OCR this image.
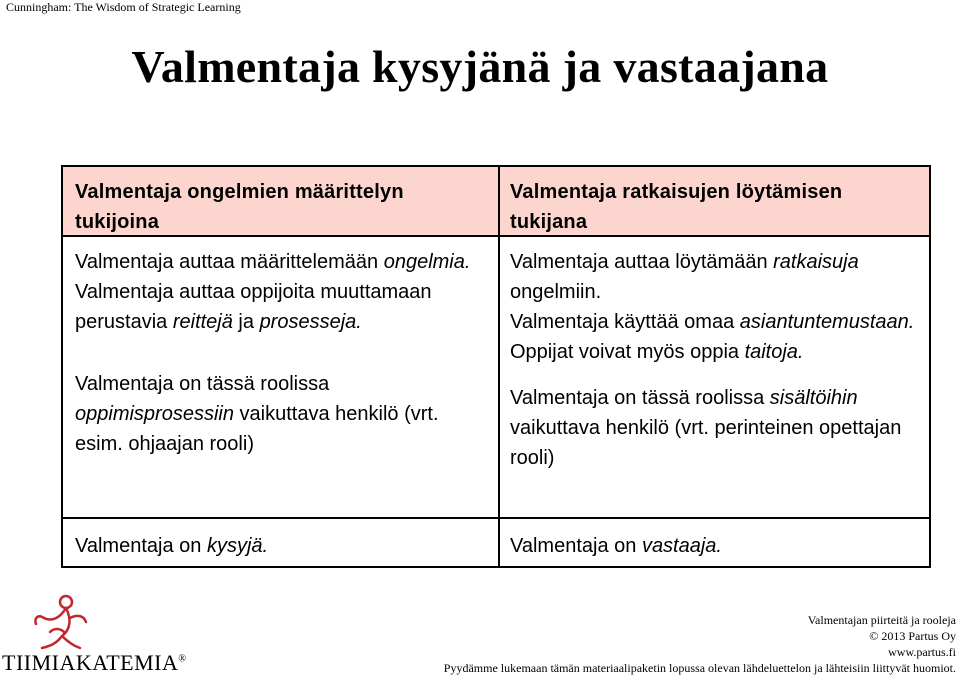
Cunningham: The Wisdom of Strategic Learning
Valmentaja kysyjänä ja vastaajana
Valmentaja ongelmien määrittelyn tukijoina

Valmentaja auttaa määrittelemään ongelmia.

Valmentaja auttaa oppijoita muuttamaan perustavia reittejä ja prosesseja.

Valmentaja on tässä roolissa oppimisprosessiin vaikuttava henkilö (vrt. esim. ohjaajan rooli)

Valmentaja on kysyjä.

Valmentaja ratkaisujen löytämisen tukijana

Valmentaja auttaa löytämään ratkaisuja ongelmiin.

Valmentaja käyttää omaa asiantuntemustaan.

Oppijat voivat myös oppia taitoja.

Valmentaja on tässä roolissa sisältöihin vaikuttava henkilö (vrt. perinteinen opettajan rooli)

Valmentaja on vastaaja.

TIIMIAKATEMIA®
Valmentajan piirteitä ja rooleja
© 2013 Partus Oy
www.partus.fi
Pyydämme lukemaan tämän materiaalipaketin lopussa olevan lähdeluettelon ja lähteisiin liittyvät huomiot.
